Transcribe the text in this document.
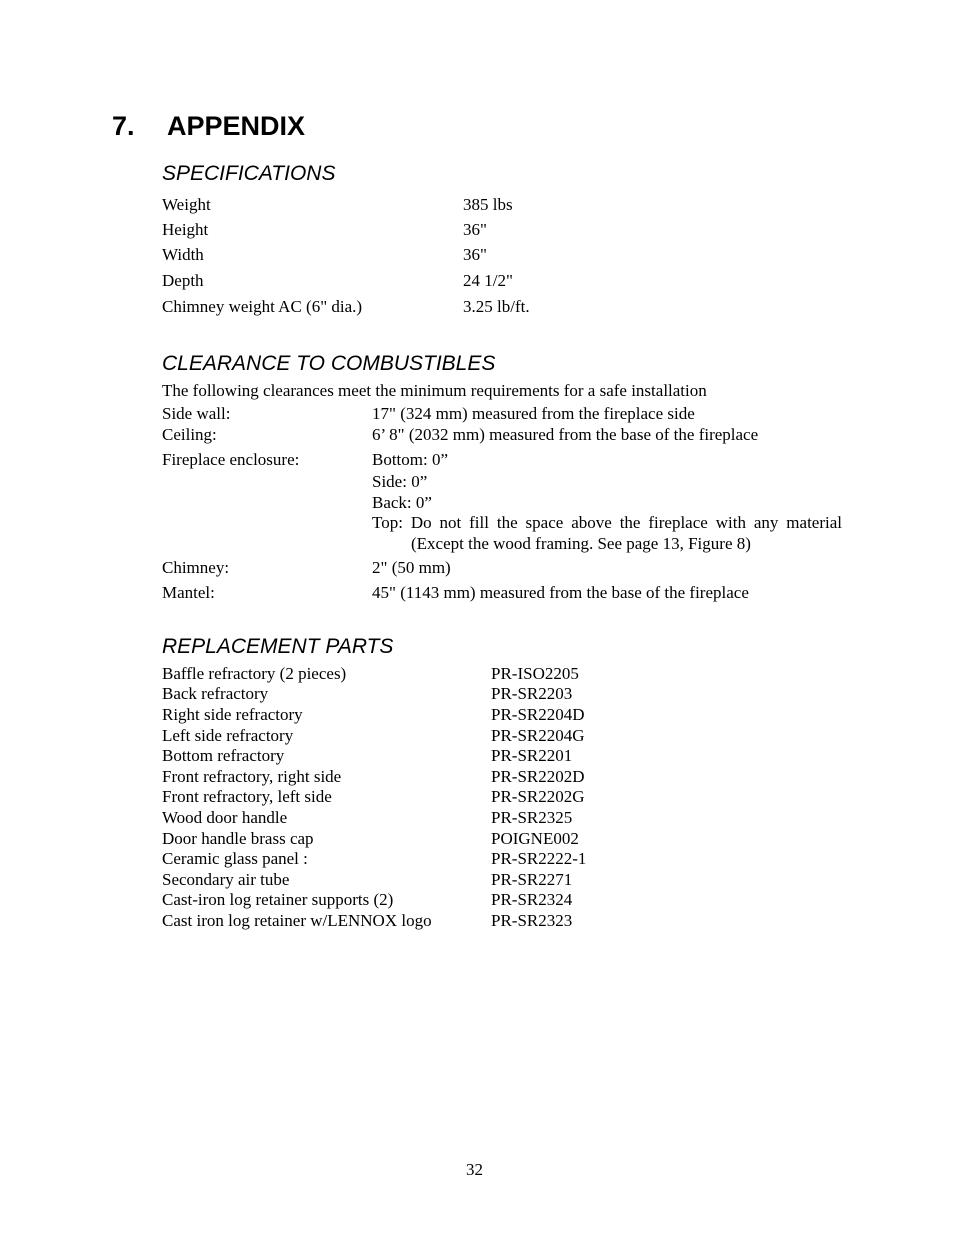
7. APPENDIX
SPECIFICATIONS
Weight	385 lbs
Height	36"
Width	36"
Depth	24 1/2"
Chimney weight AC (6" dia.)	3.25 lb/ft.
CLEARANCE TO COMBUSTIBLES
The following clearances meet the minimum requirements for a safe installation
Side wall:	17" (324 mm) measured from the fireplace side
Ceiling:	6’ 8" (2032 mm) measured from the base of the fireplace
Fireplace enclosure:	Bottom: 0”
Side: 0”
Back: 0”
Top: Do not fill the space above the fireplace with any material
(Except the wood framing. See page 13, Figure 8)
Chimney:	2" (50 mm)
Mantel:	45" (1143 mm) measured from the base of the fireplace
REPLACEMENT PARTS
Baffle refractory (2 pieces)	PR-ISO2205
Back refractory	PR-SR2203
Right side refractory	PR-SR2204D
Left side refractory	PR-SR2204G
Bottom refractory	PR-SR2201
Front refractory, right side	PR-SR2202D
Front refractory, left side	PR-SR2202G
Wood door handle	PR-SR2325
Door handle brass cap	POIGNE002
Ceramic glass panel :	PR-SR2222-1
Secondary air tube	PR-SR2271
Cast-iron log retainer supports (2)	PR-SR2324
Cast iron log retainer w/LENNOX logo	PR-SR2323
32
